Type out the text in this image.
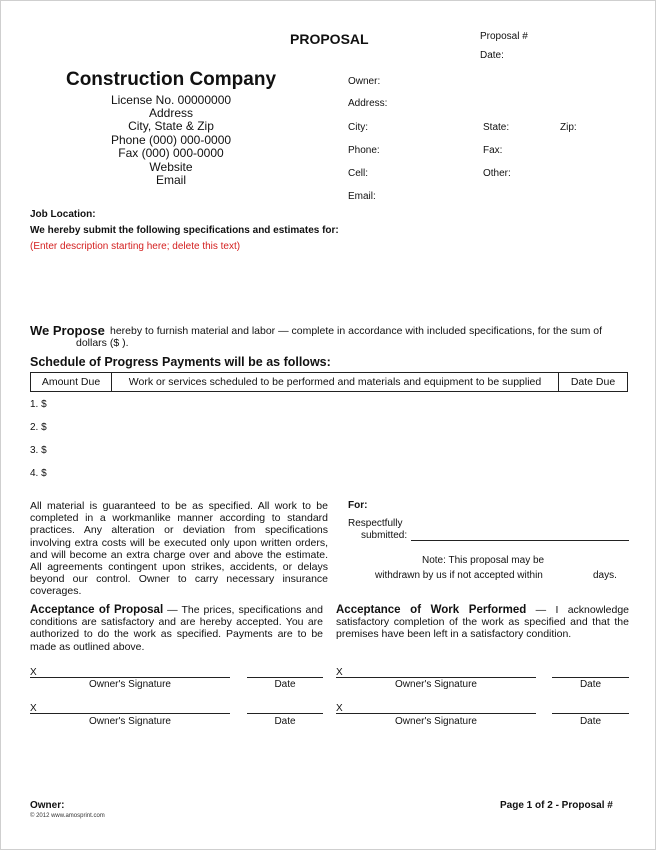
PROPOSAL	Proposal #
Date:
Construction Company
License No. 00000000
Address
City, State & Zip
Phone (000) 000-0000
Fax (000) 000-0000
Website
Email
Owner:
Address:
City:	State:	Zip:
Phone:	Fax:
Cell:	Other:
Email:
Job Location:
We hereby submit the following specifications and estimates for:
(Enter description starting here; delete this text)
We Propose hereby to furnish material and labor — complete in accordance with included specifications, for the sum of
dollars ($ ).
Schedule of Progress Payments will be as follows:
Amount Due	Work or services scheduled to be performed and materials and equipment to be supplied	Date Due
1. $
2. $
3. $
4. $
All material is guaranteed to be as specified. All work to be completed in a workmanlike manner according to standard practices. Any alteration or deviation from specifications involving extra costs will be executed only upon written orders, and will become an extra charge over and above the estimate. All agreements contingent upon strikes, accidents, or delays beyond our control. Owner to carry necessary insurance coverages.
For:
Respectfully
submitted:
Note: This proposal may be
withdrawn by us if not accepted within	days.
Acceptance of Proposal — The prices, specifications and conditions are satisfactory and are hereby accepted. You are authorized to do the work as specified. Payments are to be made as outlined above.
Acceptance of Work Performed — I acknowledge satisfactory completion of the work as specified and that the premises have been left in a satisfactory condition.
X
Owner's Signature	Date
X
Owner's Signature	Date
X
Owner's Signature	Date
X
Owner's Signature	Date
Owner:
© 2012 www.amosprint.com
Page 1 of 2 - Proposal #
